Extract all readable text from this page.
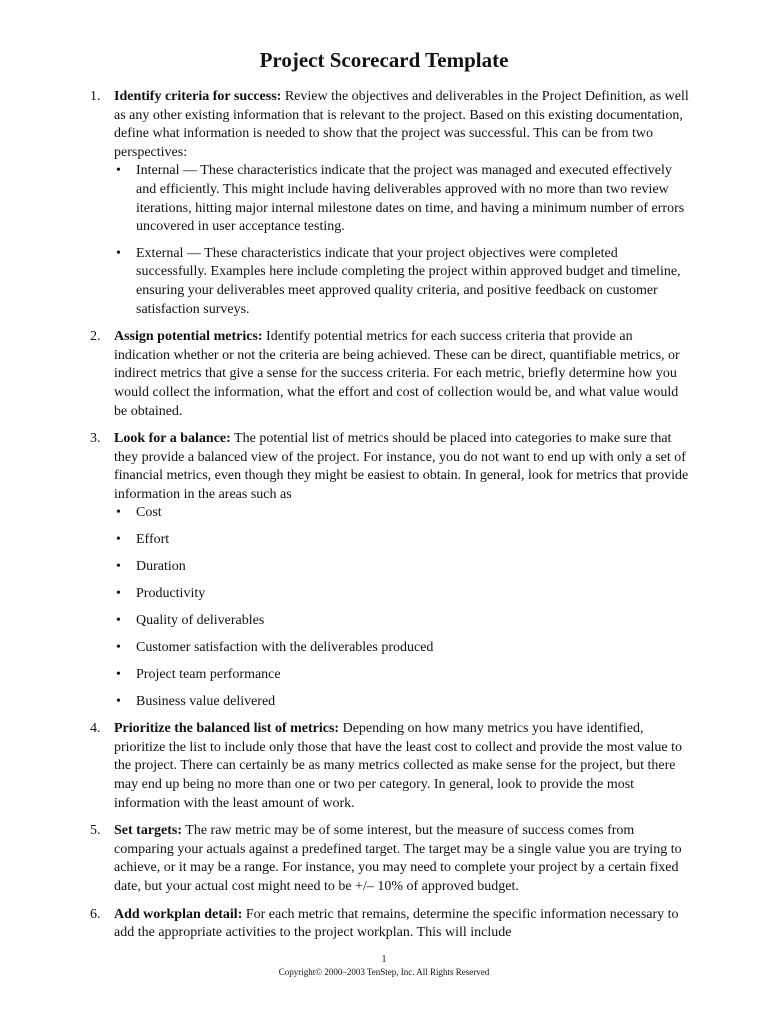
Project Scorecard Template
1. Identify criteria for success: Review the objectives and deliverables in the Project Definition, as well as any other existing information that is relevant to the project. Based on this existing documentation, define what information is needed to show that the project was successful. This can be from two perspectives:
• Internal — These characteristics indicate that the project was managed and executed effectively and efficiently. This might include having deliverables approved with no more than two review iterations, hitting major internal milestone dates on time, and having a minimum number of errors uncovered in user acceptance testing.
• External — These characteristics indicate that your project objectives were completed successfully. Examples here include completing the project within approved budget and timeline, ensuring your deliverables meet approved quality criteria, and positive feedback on customer satisfaction surveys.
2. Assign potential metrics: Identify potential metrics for each success criteria that provide an indication whether or not the criteria are being achieved. These can be direct, quantifiable metrics, or indirect metrics that give a sense for the success criteria. For each metric, briefly determine how you would collect the information, what the effort and cost of collection would be, and what value would be obtained.
3. Look for a balance: The potential list of metrics should be placed into categories to make sure that they provide a balanced view of the project. For instance, you do not want to end up with only a set of financial metrics, even though they might be easiest to obtain. In general, look for metrics that provide information in the areas such as
• Cost
• Effort
• Duration
• Productivity
• Quality of deliverables
• Customer satisfaction with the deliverables produced
• Project team performance
• Business value delivered
4. Prioritize the balanced list of metrics: Depending on how many metrics you have identified, prioritize the list to include only those that have the least cost to collect and provide the most value to the project. There can certainly be as many metrics collected as make sense for the project, but there may end up being no more than one or two per category. In general, look to provide the most information with the least amount of work.
5. Set targets: The raw metric may be of some interest, but the measure of success comes from comparing your actuals against a predefined target. The target may be a single value you are trying to achieve, or it may be a range. For instance, you may need to complete your project by a certain fixed date, but your actual cost might need to be +/– 10% of approved budget.
6. Add workplan detail: For each metric that remains, determine the specific information necessary to add the appropriate activities to the project workplan. This will include
1
Copyright© 2000–2003 TenStep, Inc. All Rights Reserved
